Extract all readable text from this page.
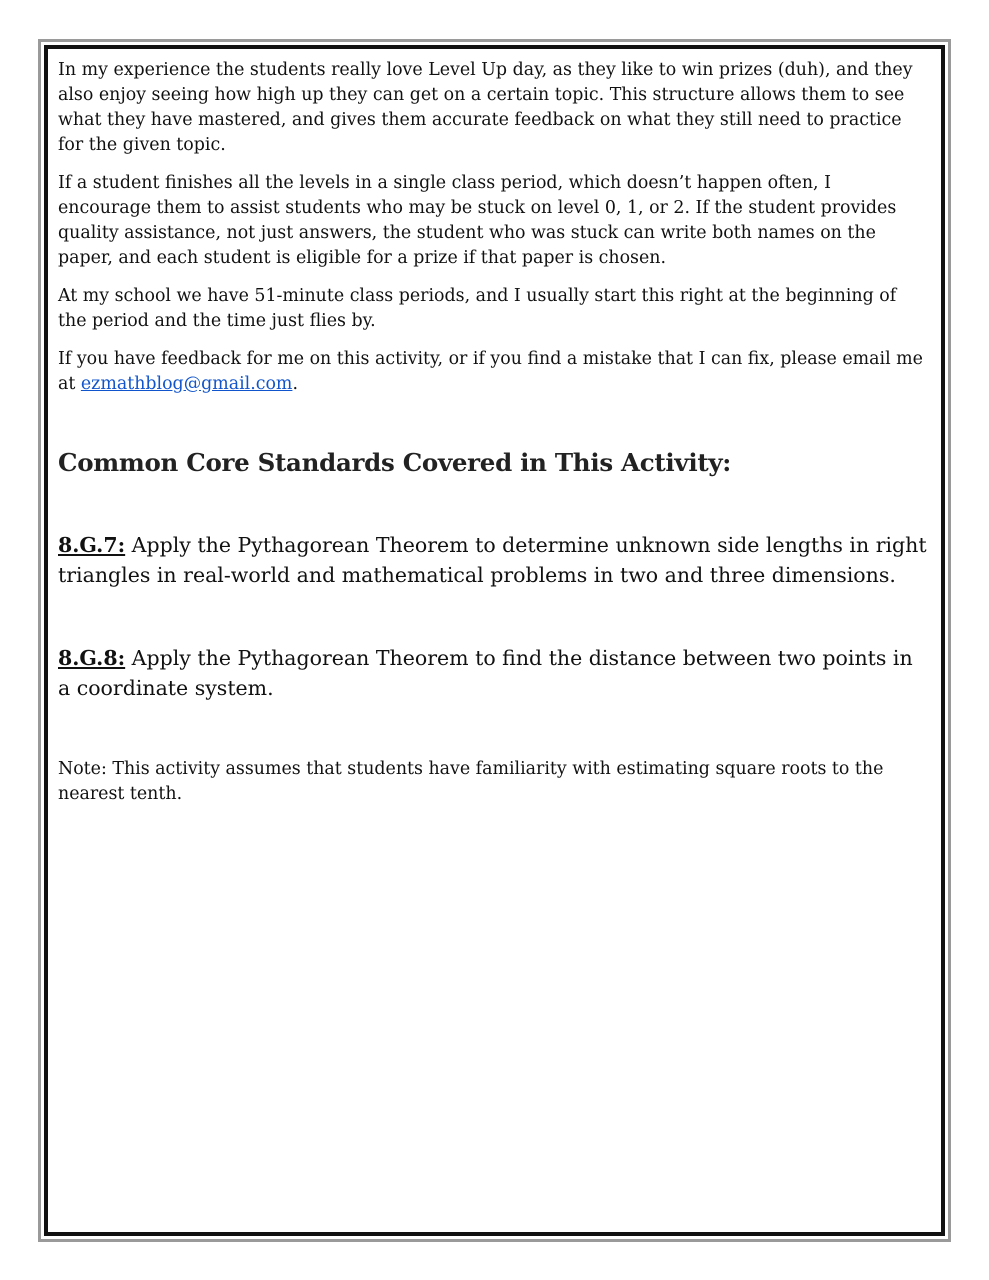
In my experience the students really love Level Up day, as they like to win prizes (duh), and they also enjoy seeing how high up they can get on a certain topic. This structure allows them to see what they have mastered, and gives them accurate feedback on what they still need to practice for the given topic.

If a student finishes all the levels in a single class period, which doesn’t happen often, I encourage them to assist students who may be stuck on level 0, 1, or 2. If the student provides quality assistance, not just answers, the student who was stuck can write both names on the paper, and each student is eligible for a prize if that paper is chosen.

At my school we have 51-minute class periods, and I usually start this right at the beginning of the period and the time just flies by.

If you have feedback for me on this activity, or if you find a mistake that I can fix, please email me at ezmathblog@gmail.com.

Common Core Standards Covered in This Activity:

8.G.7: Apply the Pythagorean Theorem to determine unknown side lengths in right triangles in real-world and mathematical problems in two and three dimensions.

8.G.8: Apply the Pythagorean Theorem to find the distance between two points in a coordinate system.

Note: This activity assumes that students have familiarity with estimating square roots to the nearest tenth.
